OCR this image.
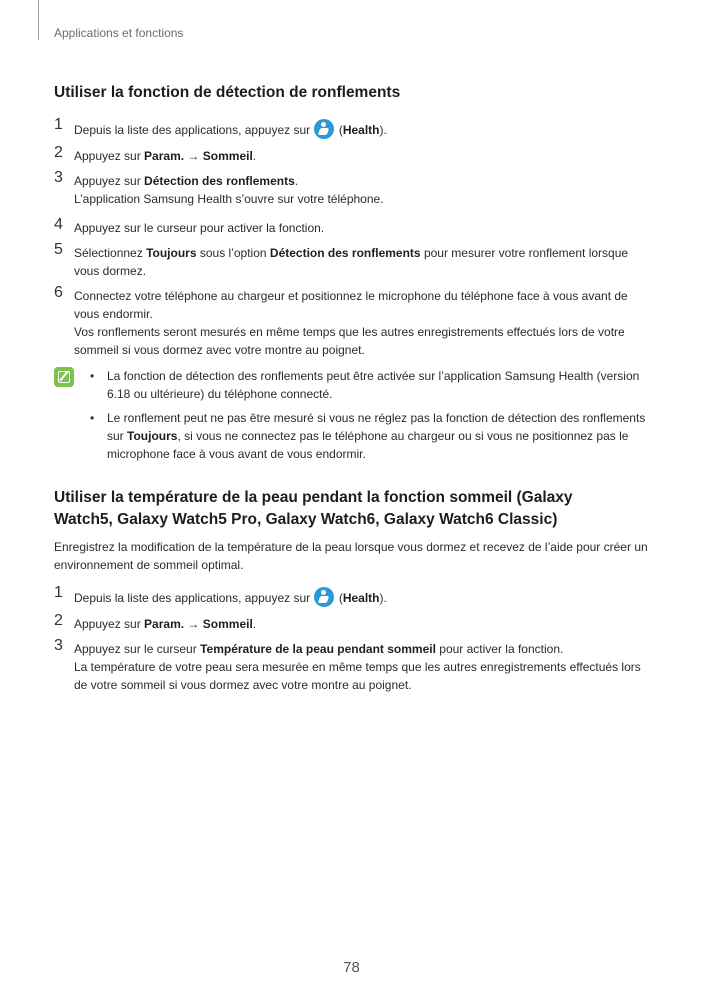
Applications et fonctions
Utiliser la fonction de détection de ronflements
1 Depuis la liste des applications, appuyez sur (Health).
2 Appuyez sur Param. → Sommeil.
3 Appuyez sur Détection des ronflements.
L’application Samsung Health s’ouvre sur votre téléphone.
4 Appuyez sur le curseur pour activer la fonction.
5 Sélectionnez Toujours sous l’option Détection des ronflements pour mesurer votre ronflement lorsque vous dormez.
6 Connectez votre téléphone au chargeur et positionnez le microphone du téléphone face à vous avant de vous endormir.
Vos ronflements seront mesurés en même temps que les autres enregistrements effectués lors de votre sommeil si vous dormez avec votre montre au poignet.
• La fonction de détection des ronflements peut être activée sur l’application Samsung Health (version 6.18 ou ultérieure) du téléphone connecté.
• Le ronflement peut ne pas être mesuré si vous ne réglez pas la fonction de détection des ronflements sur Toujours, si vous ne connectez pas le téléphone au chargeur ou si vous ne positionnez pas le microphone face à vous avant de vous endormir.
Utiliser la température de la peau pendant la fonction sommeil (Galaxy Watch5, Galaxy Watch5 Pro, Galaxy Watch6, Galaxy Watch6 Classic)
Enregistrez la modification de la température de la peau lorsque vous dormez et recevez de l’aide pour créer un environnement de sommeil optimal.
1 Depuis la liste des applications, appuyez sur (Health).
2 Appuyez sur Param. → Sommeil.
3 Appuyez sur le curseur Température de la peau pendant sommeil pour activer la fonction.
La température de votre peau sera mesurée en même temps que les autres enregistrements effectués lors de votre sommeil si vous dormez avec votre montre au poignet.
78
